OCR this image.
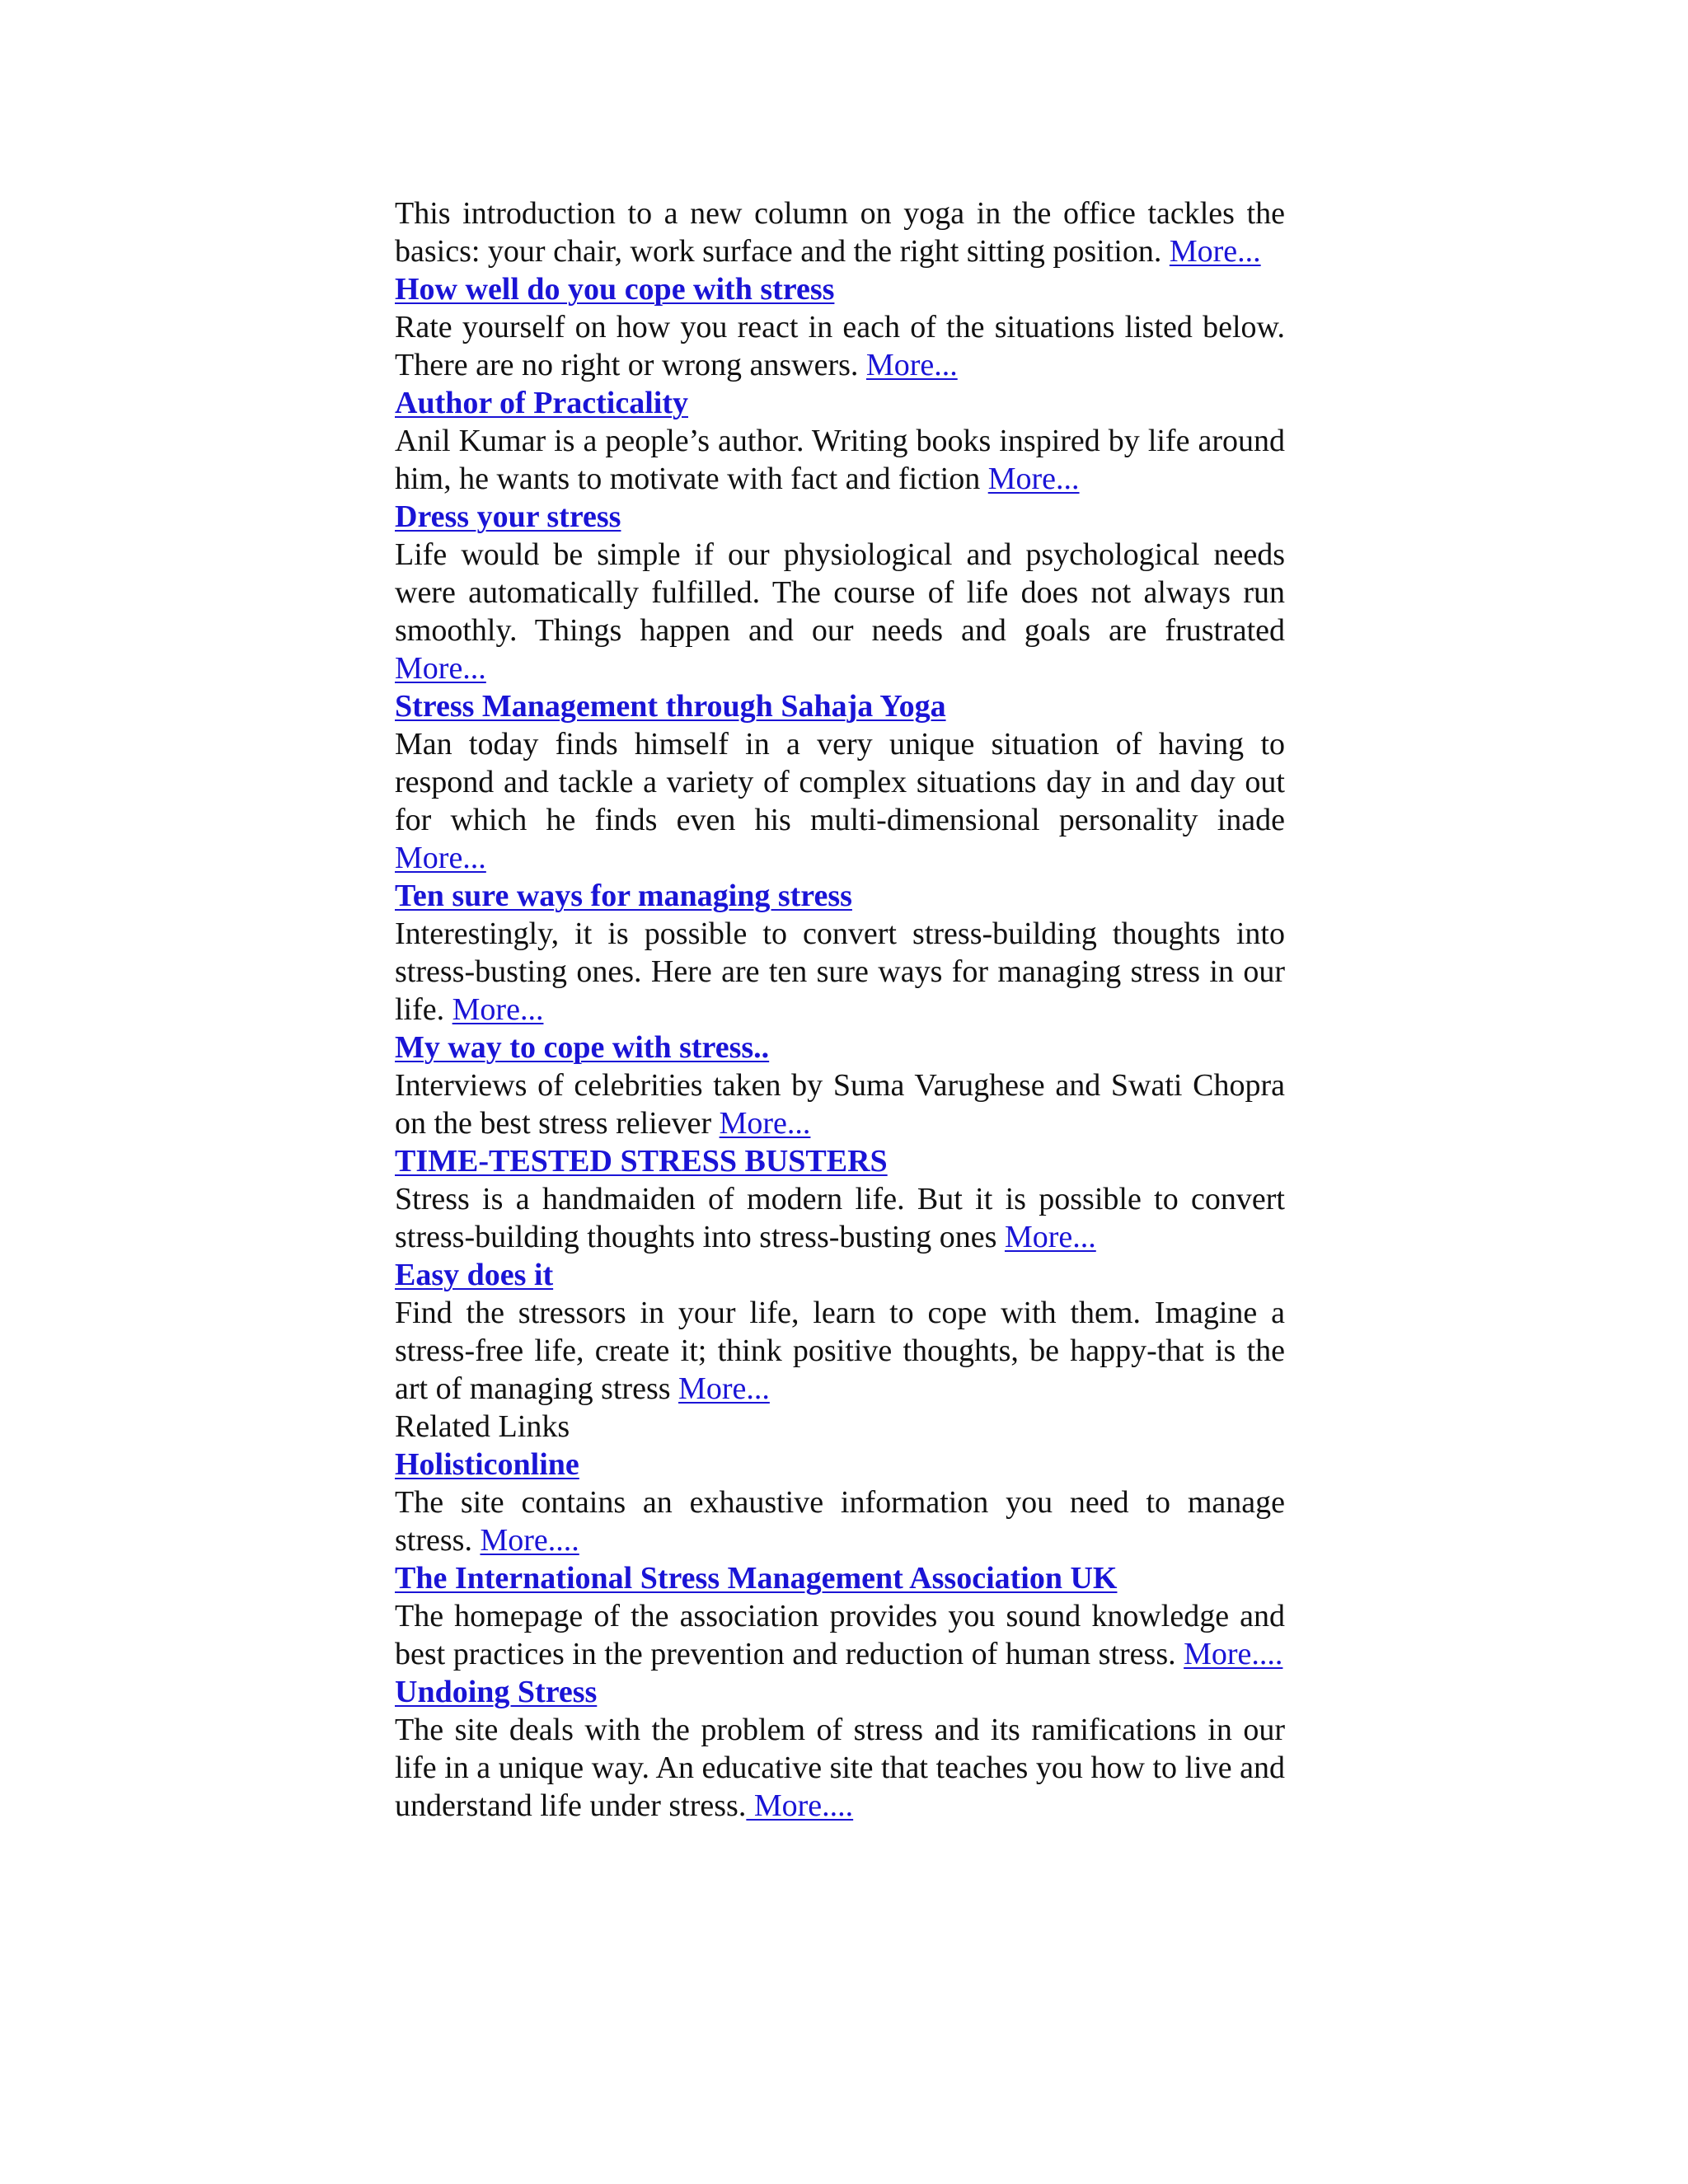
This introduction to a new column on yoga in the office tackles the basics: your chair, work surface and the right sitting position. More...

How well do you cope with stress

Rate yourself on how you react in each of the situations listed below. There are no right or wrong answers. More...

Author of Practicality

Anil Kumar is a people’s author. Writing books inspired by life around him, he wants to motivate with fact and fiction More...

Dress your stress

Life would be simple if our physiological and psychological needs were automatically fulfilled. The course of life does not always run smoothly. Things happen and our needs and goals are frustrated More...

Stress Management through Sahaja Yoga

Man today finds himself in a very unique situation of having to respond and tackle a variety of complex situations day in and day out for which he finds even his multi-dimensional personality inade More...

Ten sure ways for managing stress

Interestingly, it is possible to convert stress-building thoughts into stress-busting ones. Here are ten sure ways for managing stress in our life. More...

My way to cope with stress..

Interviews of celebrities taken by Suma Varughese and Swati Chopra on the best stress reliever More...

TIME-TESTED STRESS BUSTERS

Stress is a handmaiden of modern life. But it is possible to convert stress-building thoughts into stress-busting ones More...

Easy does it

Find the stressors in your life, learn to cope with them. Imagine a stress-free life, create it; think positive thoughts, be happy-that is the art of managing stress More...

Related Links

Holisticonline

The site contains an exhaustive information you need to manage stress. More....

The International Stress Management Association UK

The homepage of the association provides you sound knowledge and best practices in the prevention and reduction of human stress. More....

Undoing Stress

The site deals with the problem of stress and its ramifications in our life in a unique way. An educative site that teaches you how to live and understand life under stress. More....
